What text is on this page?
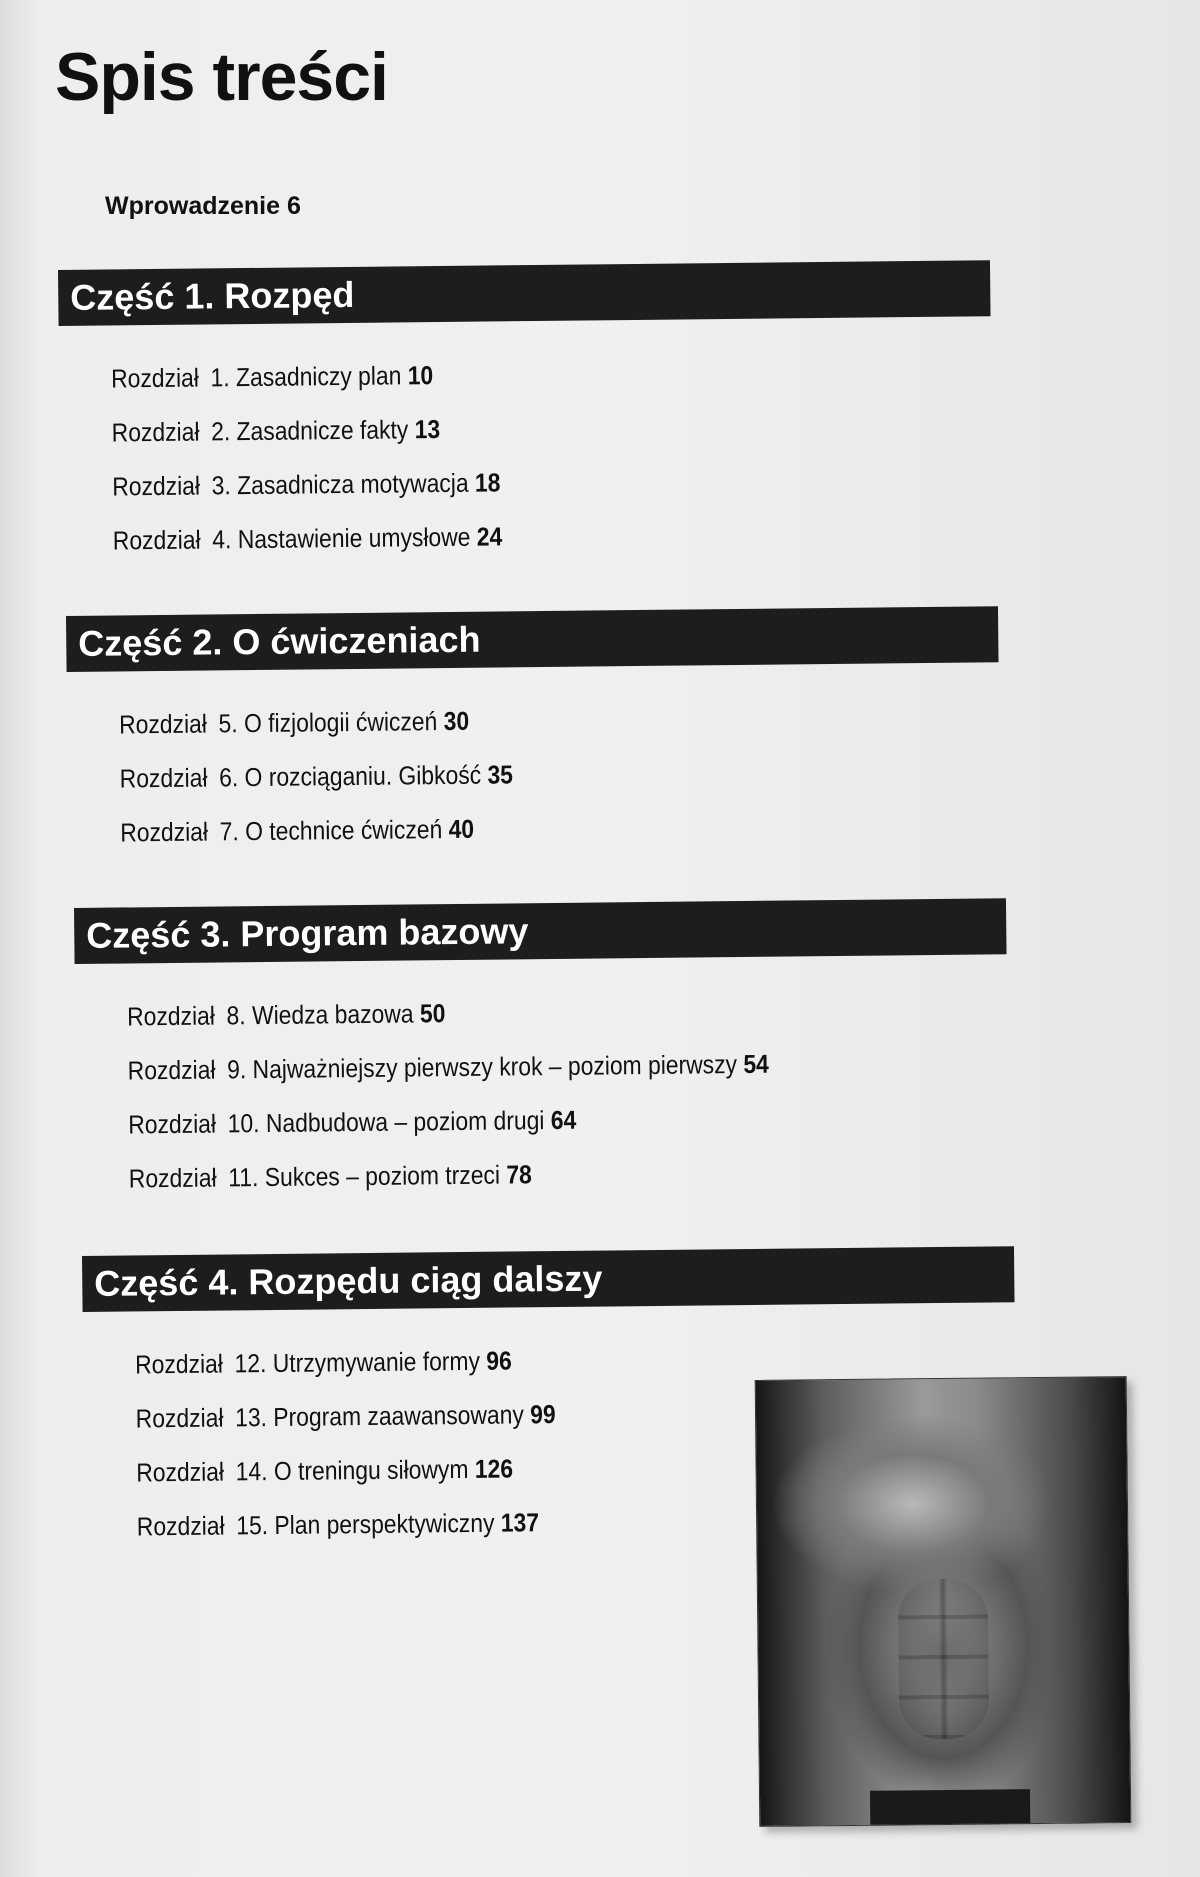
Spis treści
Wprowadzenie 6
Część 1. Rozpęd
Rozdział 1. Zasadniczy plan 10
Rozdział 2. Zasadnicze fakty 13
Rozdział 3. Zasadnicza motywacja 18
Rozdział 4. Nastawienie umysłowe 24
Część 2. O ćwiczeniach
Rozdział 5. O fizjologii ćwiczeń 30
Rozdział 6. O rozciąganiu. Gibkość 35
Rozdział 7. O technice ćwiczeń 40
Część 3. Program bazowy
Rozdział 8. Wiedza bazowa 50
Rozdział 9. Najważniejszy pierwszy krok – poziom pierwszy 54
Rozdział 10. Nadbudowa – poziom drugi 64
Rozdział 11. Sukces – poziom trzeci 78
Część 4. Rozpędu ciąg dalszy
Rozdział 12. Utrzymywanie formy 96
Rozdział 13. Program zaawansowany 99
Rozdział 14. O treningu siłowym 126
Rozdział 15. Plan perspektywiczny 137
